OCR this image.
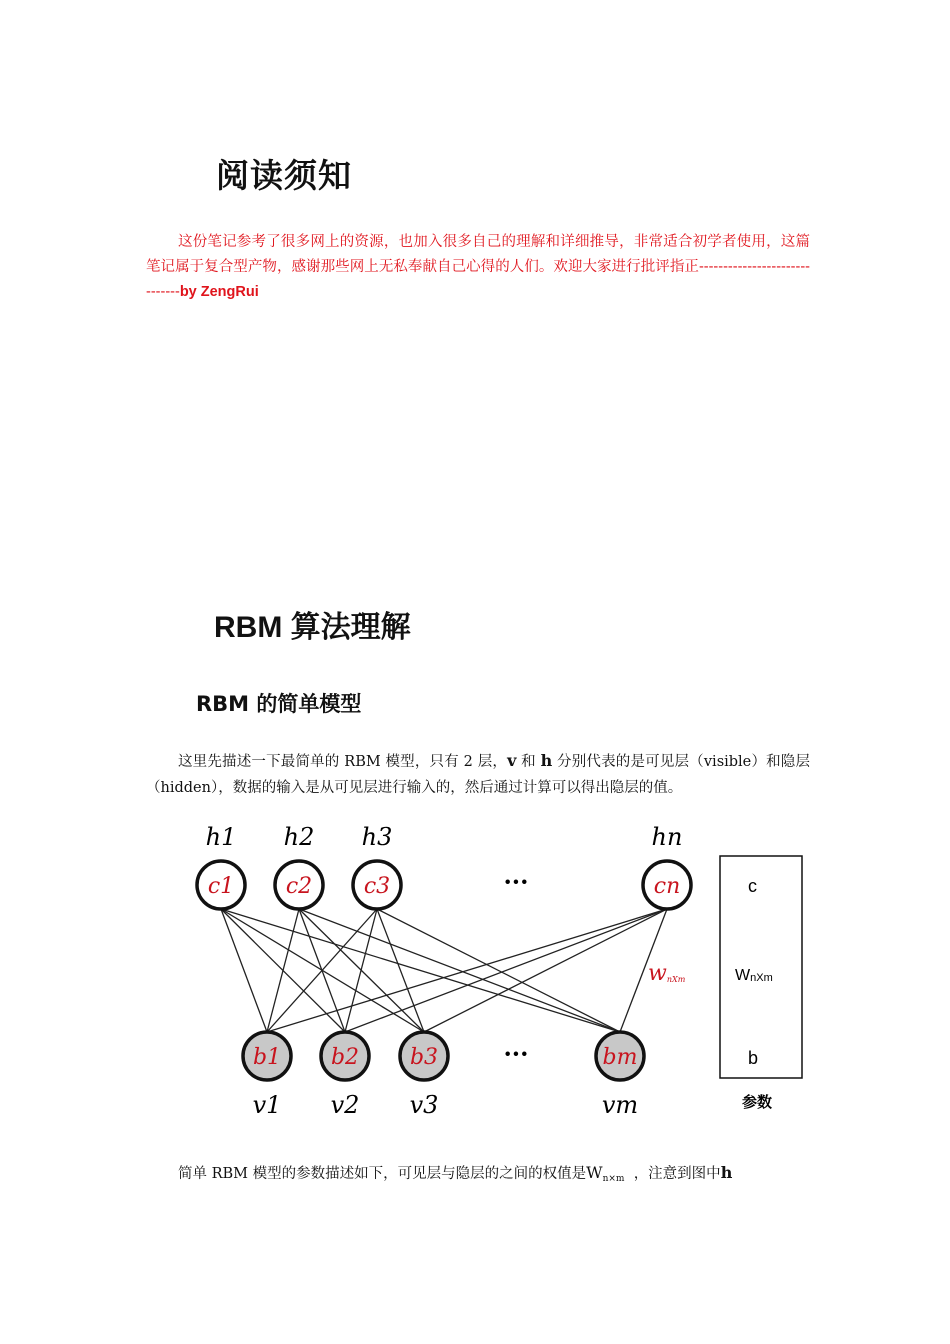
阅读须知
这份笔记参考了很多网上的资源，也加入很多自己的理解和详细推导，非常适合初学者使用，这篇笔记属于复合型产物，感谢那些网上无私奉献自己心得的人们。欢迎大家进行批评指正------------------------------by ZengRui
RBM 算法理解
RBM 的简单模型
这里先描述一下最简单的 RBM 模型，只有 2 层，v 和 h 分别代表的是可见层（visible）和隐层（hidden），数据的输入是从可见层进行输入的，然后通过计算可以得出隐层的值。
c1 c2 c3	cn
h1 h2 h3	hn
···
b1 b2 b3	bm
···
v1 v2 v3	vm
wnXm
c
WnXm
b
参数
简单 RBM 模型的参数描述如下，可见层与隐层的之间的权值是$W_{n\times m}$ ，注意到图中h
